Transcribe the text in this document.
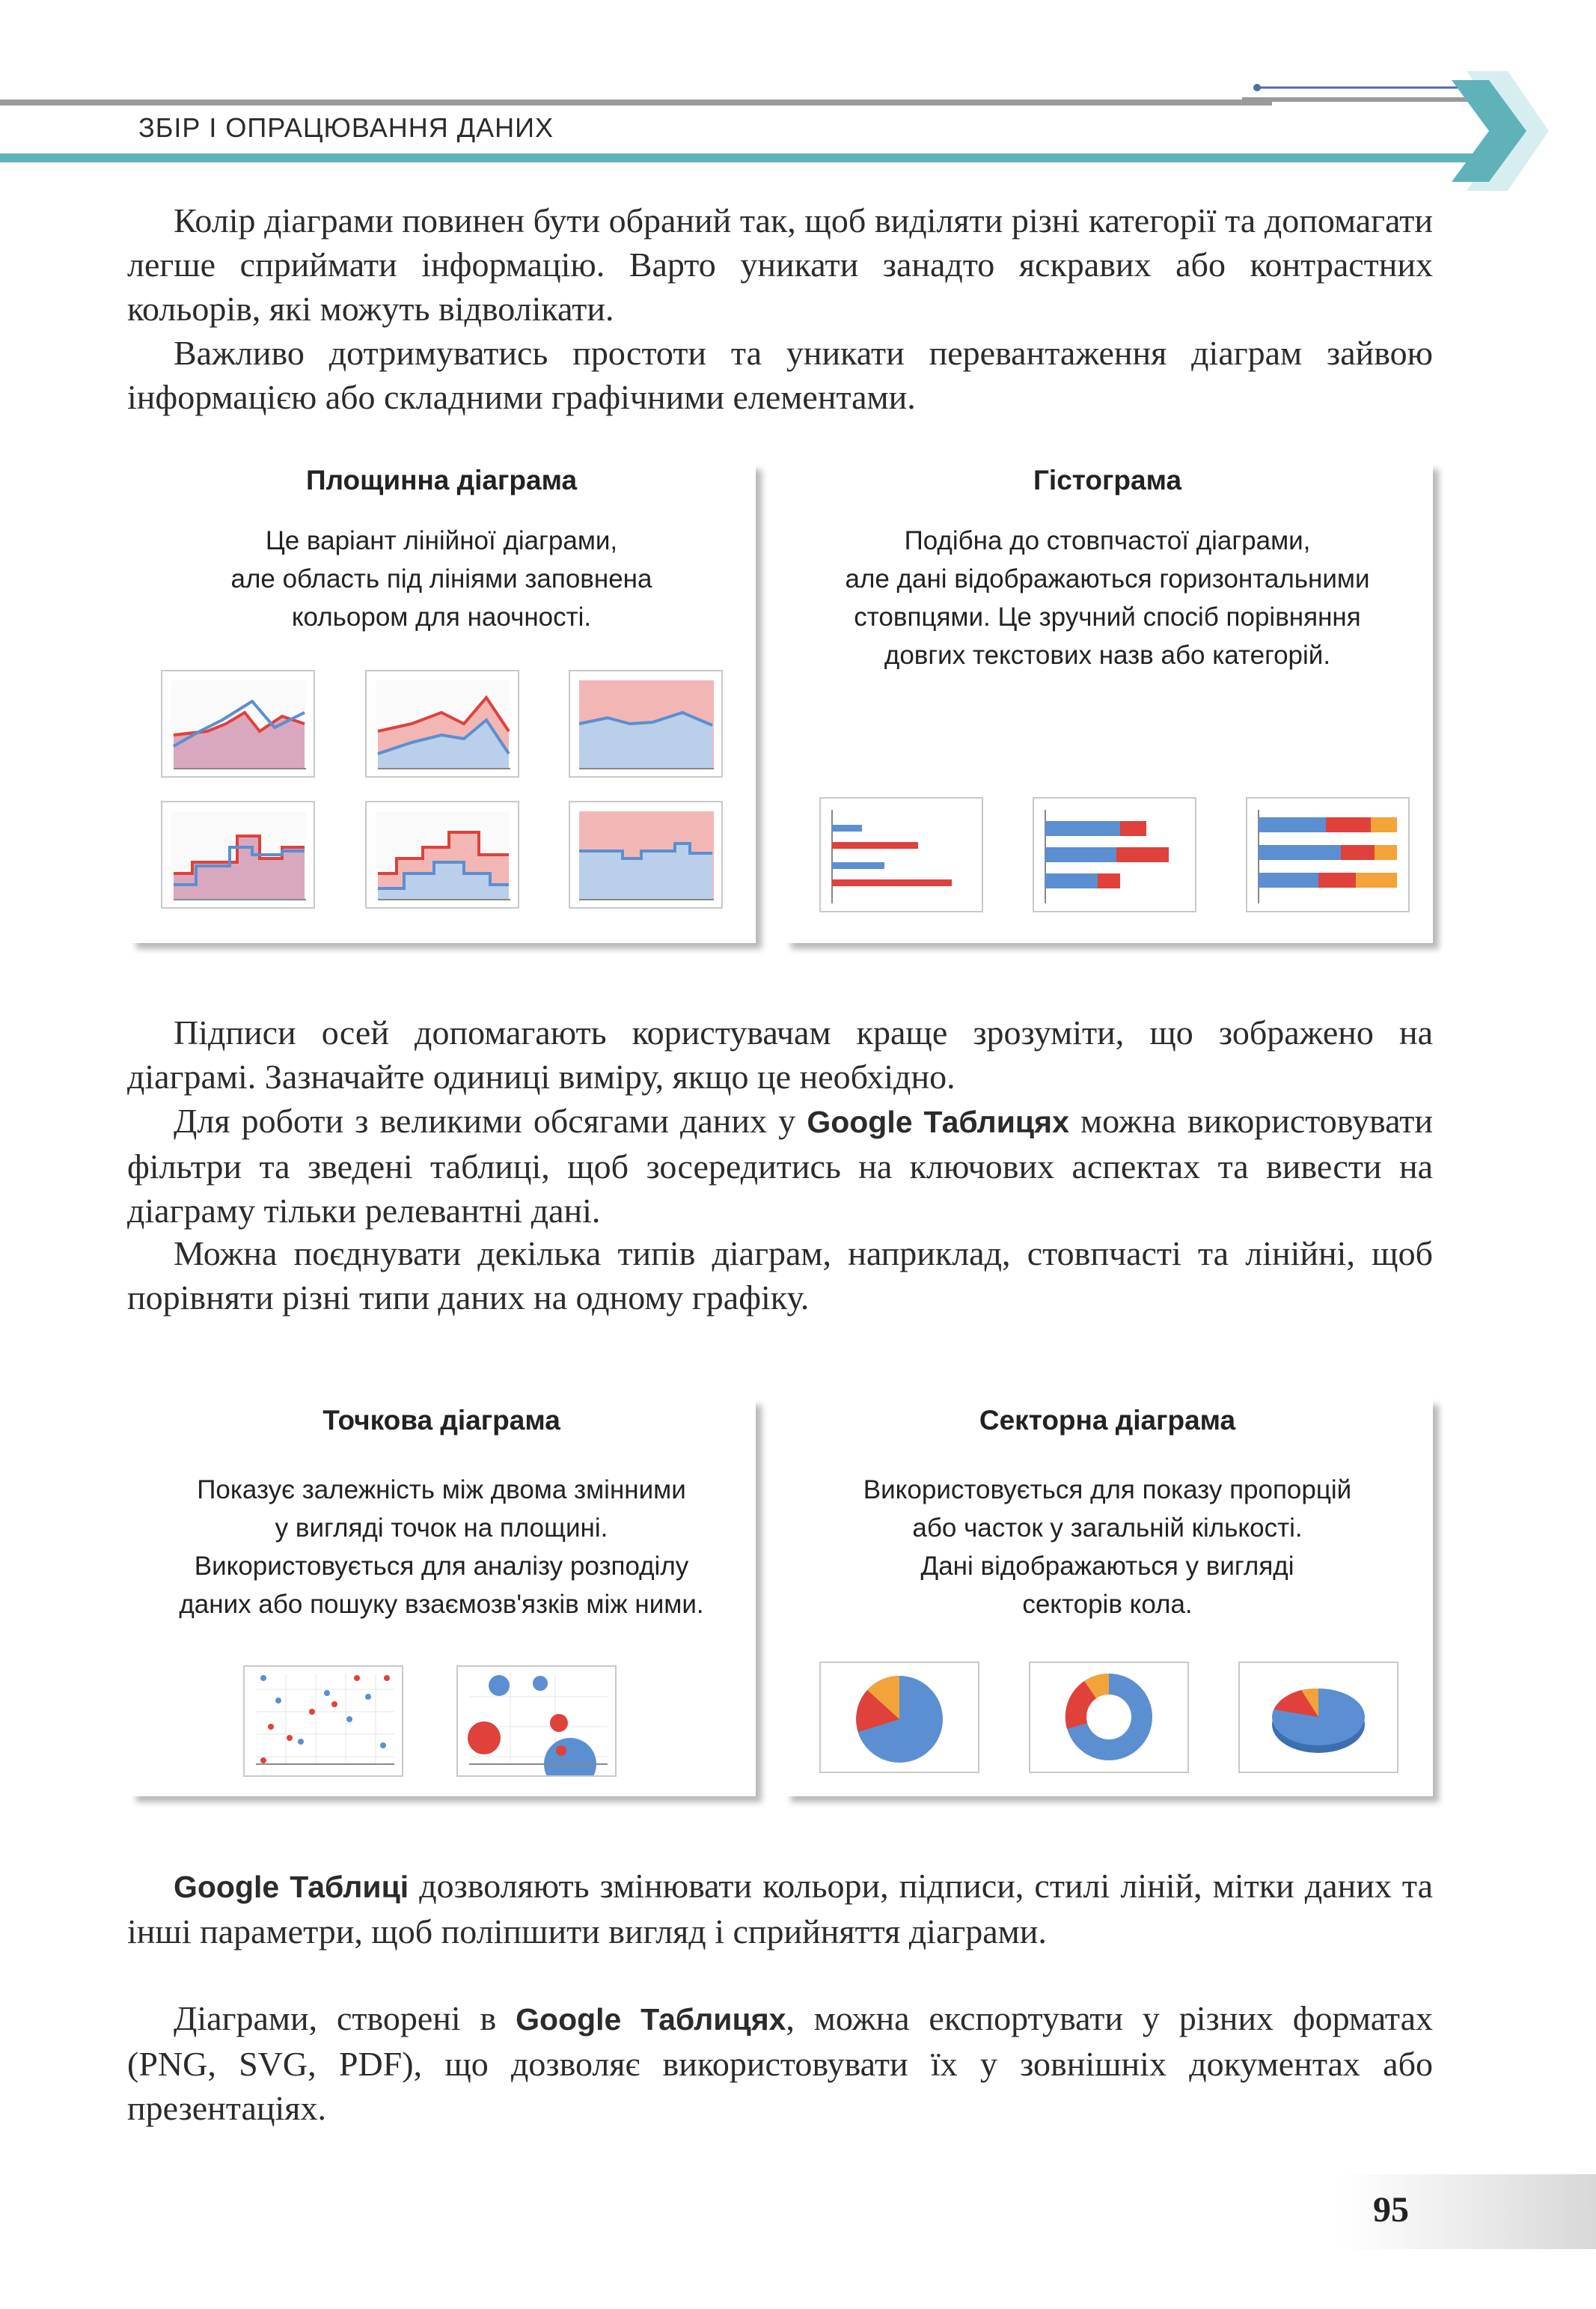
ЗБІР І ОПРАЦЮВАННЯ ДАНИХ

Колір діаграми повинен бути обраний так, щоб виділяти різні категорії та допомагати легше сприймати інформацію. Варто уникати занадто яскравих або контрастних кольорів, які можуть відволікати.

Важливо дотримуватись простоти та уникати перевантаження діаграм зайвою інформацією або складними графічними елементами.

Площинна діаграма
Це варіант лінійної діаграми,
але область під лініями заповнена
кольором для наочності.
Гістограма
Подібна до стовпчастої діаграми,
але дані відображаються горизонтальними
стовпцями. Це зручний спосіб порівняння
довгих текстових назв або категорій.

Підписи осей допомагають користувачам краще зрозуміти, що зображено на діаграмі. Зазначайте одиниці виміру, якщо це необхідно.

Для роботи з великими обсягами даних у Google Таблицях можна використовувати фільтри та зведені таблиці, щоб зосередитись на ключових аспектах та вивести на діаграму тільки релевантні дані.

Можна поєднувати декілька типів діаграм, наприклад, стовпчасті та лінійні, щоб порівняти різні типи даних на одному графіку.

Точкова діаграма
Показує залежність між двома змінними
у вигляді точок на площині.
Використовується для аналізу розподілу
даних або пошуку взаємозв'язків між ними.
Секторна діаграма
Використовується для показу пропорцій
або часток у загальній кількості.
Дані відображаються у вигляді
секторів кола.

Google Таблиці дозволяють змінювати кольори, підписи, стилі ліній, мітки даних та інші параметри, щоб поліпшити вигляд і сприйняття діаграми.

Діаграми, створені в Google Таблицях, можна експортувати у різних форматах (PNG, SVG, PDF), що дозволяє використовувати їх у зовнішніх документах або презентаціях.

95
